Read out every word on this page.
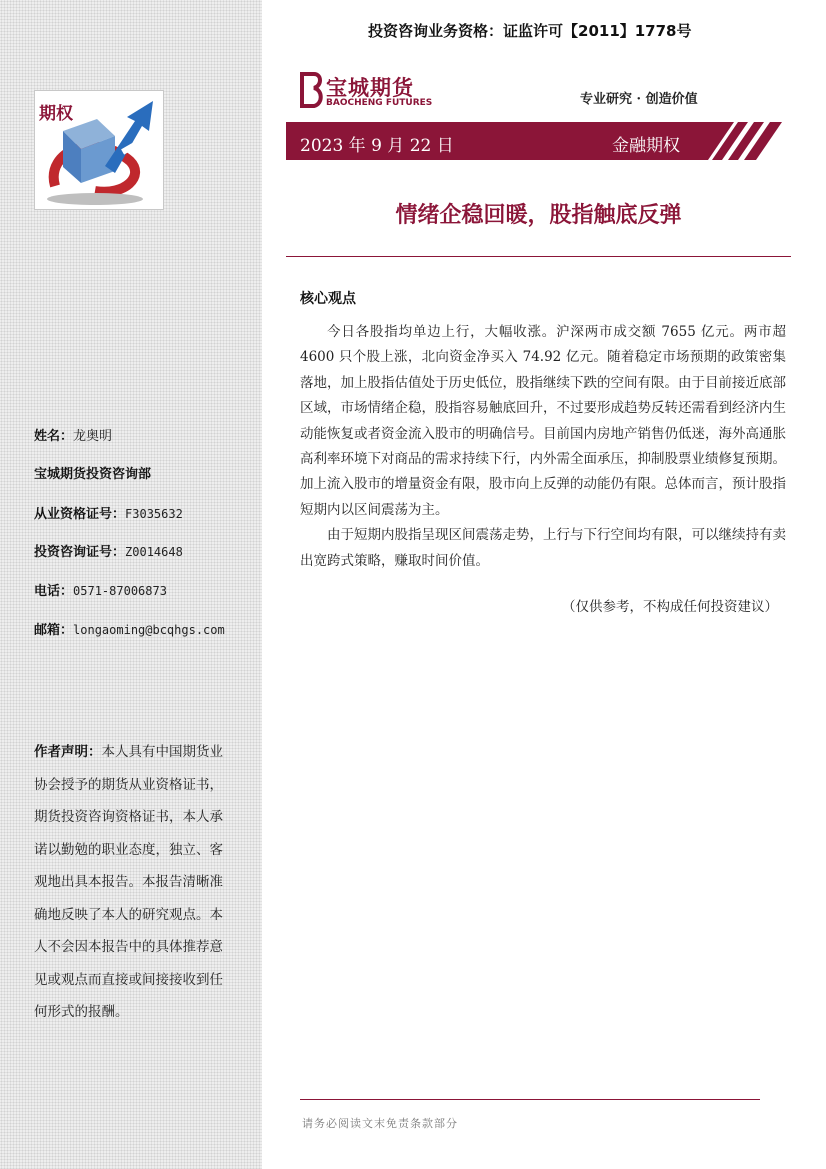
期权
姓名：龙奥明
宝城期货投资咨询部
从业资格证号：F3035632
投资咨询证号：Z0014648
电话：0571-87006873
邮箱：longaoming@bcqhgs.com
作者声明：本人具有中国期货业协会授予的期货从业资格证书，期货投资咨询资格证书，本人承诺以勤勉的职业态度，独立、客观地出具本报告。本报告清晰准确地反映了本人的研究观点。本人不会因本报告中的具体推荐意见或观点而直接或间接接收到任何形式的报酬。
投资咨询业务资格：证监许可【2011】1778号
宝城期货
BAOCHENG FUTURES	专业研究 · 创造价值
2023 年 9 月 22 日	金融期权
情绪企稳回暖，股指触底反弹
核心观点

今日各股指均单边上行，大幅收涨。沪深两市成交额 7655 亿元。两市超 4600 只个股上涨，北向资金净买入 74.92 亿元。随着稳定市场预期的政策密集落地，加上股指估值处于历史低位，股指继续下跌的空间有限。由于目前接近底部区域，市场情绪企稳，股指容易触底回升，不过要形成趋势反转还需看到经济内生动能恢复或者资金流入股市的明确信号。目前国内房地产销售仍低迷，海外高通胀高利率环境下对商品的需求持续下行，内外需全面承压，抑制股票业绩修复预期。加上流入股市的增量资金有限，股市向上反弹的动能仍有限。总体而言，预计股指短期内以区间震荡为主。

由于短期内股指呈现区间震荡走势，上行与下行空间均有限，可以继续持有卖出宽跨式策略，赚取时间价值。

（仅供参考，不构成任何投资建议）
请务必阅读文末免责条款部分
